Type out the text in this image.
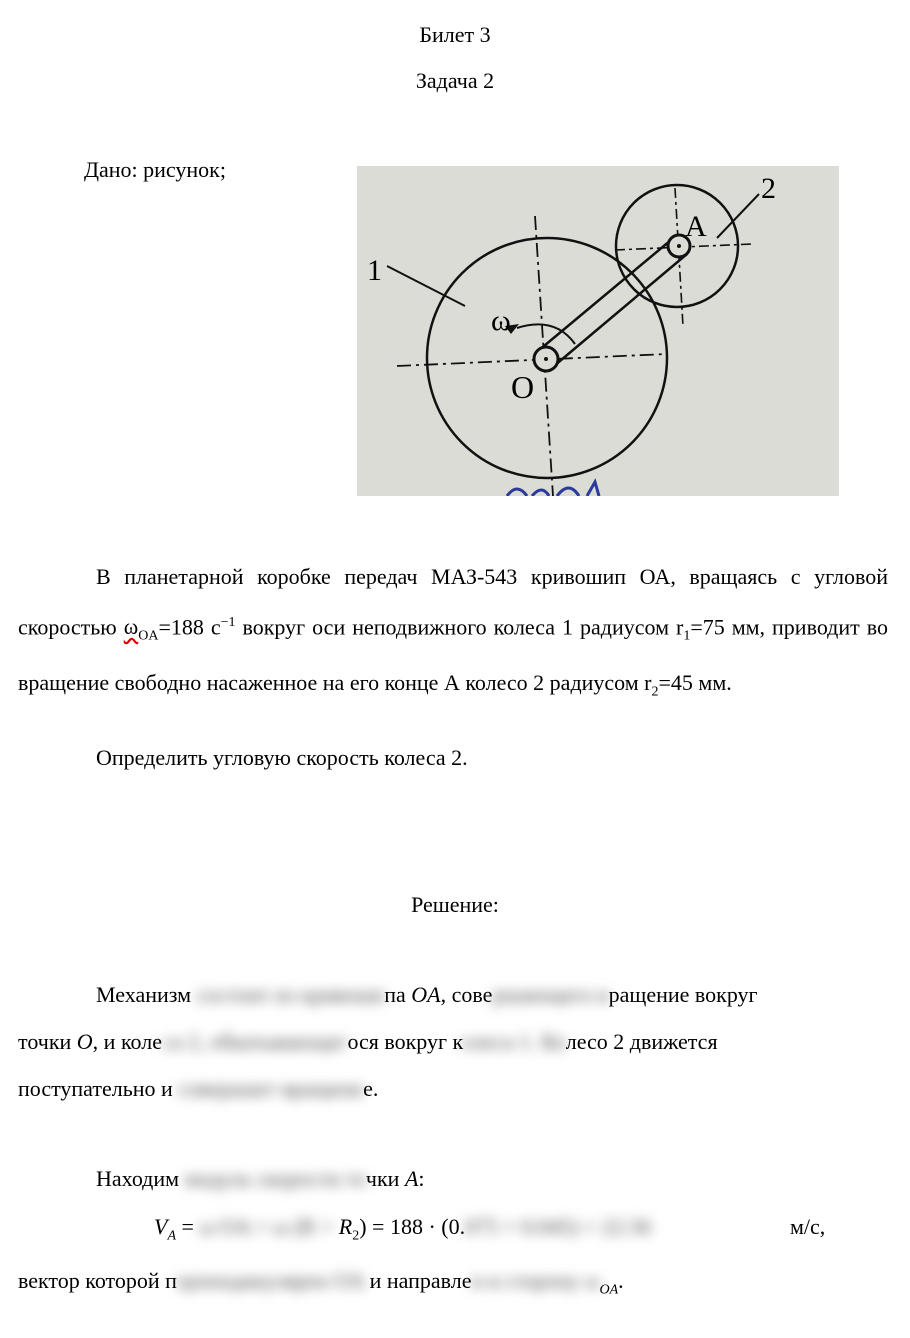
Билет 3
Задача 2
Дано: рисунок;
1
2
A
O
ω
В планетарной коробке передач МАЗ-543 кривошип ОА, вращаясь с угловой скоростью $\omega_{OA}=188$ $с^{-1}$ вокруг оси неподвижного колеса 1 радиусом $r_1=75$ мм, приводит во вращение свободно насаженное на его конце А колесо 2 радиусом $r_2=45$ мм.
Определить угловую скорость колеса 2.
Решение:
Механизм состоит из кривошипа OA, совершающего вращение вокруг
точки O, и колеса 2, обкатывающегося вокруг колеса 1. Колесо 2 движется
поступательно и совершает вращение.
Находим модуль скорости точки A:
$V_A = \omega$ OA = ω $(R + R_2) = 188 \cdot (0.075 + 0.045) = 22.56$	м/с,
вектор которой перпендикулярен OA и направлен в сторону $\omega_{OA}$.
